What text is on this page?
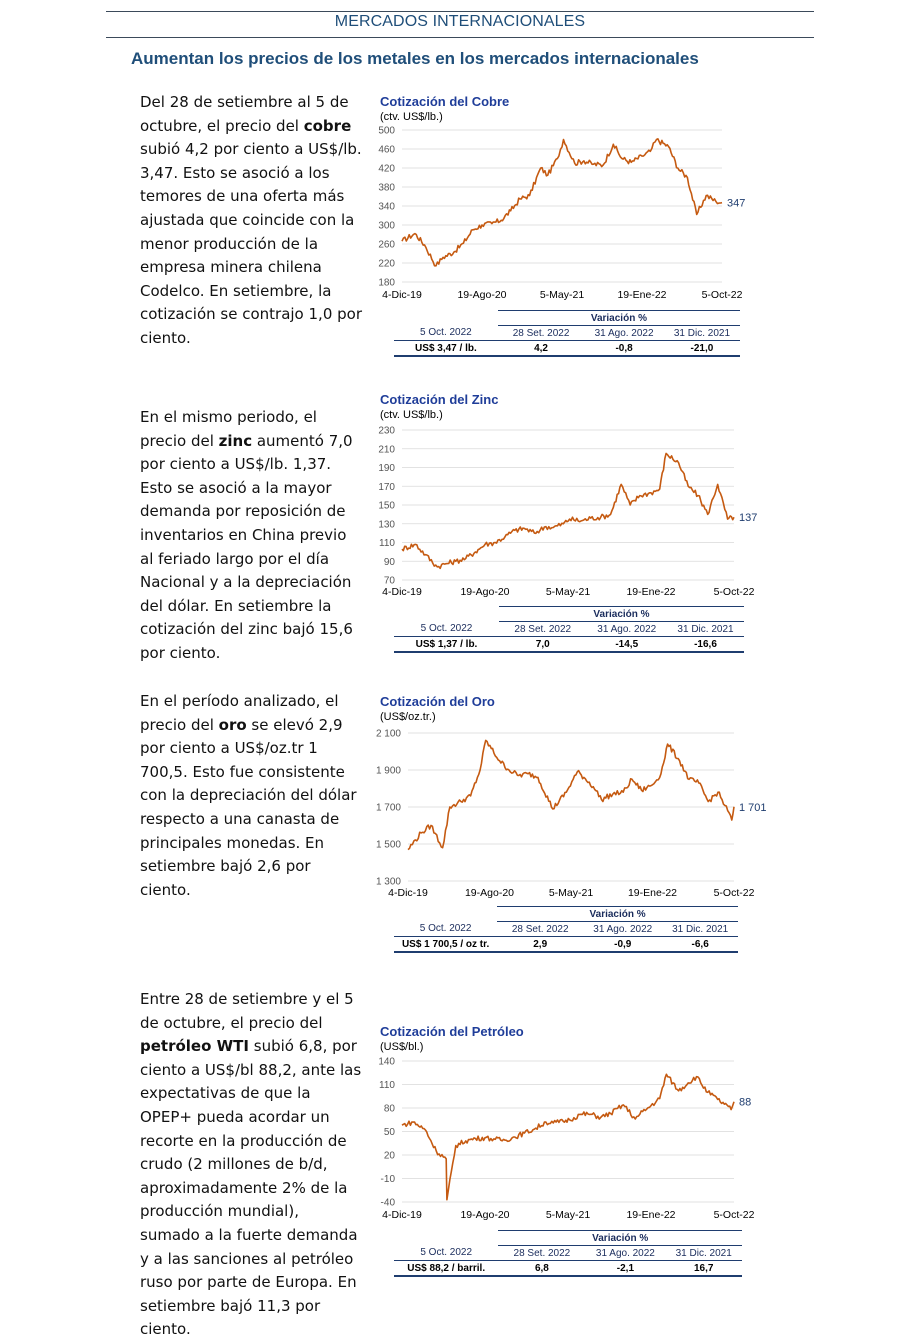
MERCADOS INTERNACIONALES
Aumentan los precios de los metales en los mercados internacionales
Del 28 de setiembre al 5 de octubre, el precio del cobre subió 4,2 por ciento a US$/lb. 3,47. Esto se asoció a los temores de una oferta más ajustada que coincide con la menor producción de la empresa minera chilena Codelco. En setiembre, la cotización se contrajo 1,0 por ciento.
Cotización del Cobre
(ctv. US$/lb.)
180
220
260
300
340
380
420
460
500
4-Dic-19	19-Ago-20	5-May-21	19-Ene-22	5-Oct-22
347
	Variación %		
5 Oct. 2022	28 Set. 2022	31 Ago. 2022	31 Dic. 2021
US$ 3,47 / lb.	4,2	-0,8	-21,0
En el mismo periodo, el precio del zinc aumentó 7,0 por ciento a US$/lb. 1,37. Esto se asoció a la mayor demanda por reposición de inventarios en China previo al feriado largo por el día Nacional y a la depreciación del dólar. En setiembre la cotización del zinc bajó 15,6 por ciento.
Cotización del Zinc
(ctv. US$/lb.)
70
90
110
130
150
170
190
210
230
4-Dic-19	19-Ago-20	5-May-21	19-Ene-22	5-Oct-22
137
	Variación %		
5 Oct. 2022	28 Set. 2022	31 Ago. 2022	31 Dic. 2021
US$ 1,37 / lb.	7,0	-14,5	-16,6
En el período analizado, el precio del oro se elevó 2,9 por ciento a US$/oz.tr 1 700,5. Esto fue consistente con la depreciación del dólar respecto a una canasta de principales monedas. En setiembre bajó 2,6 por ciento.
Cotización del Oro
(US$/oz.tr.)
1 300
1 500
1 700
1 900
2 100
4-Dic-19	19-Ago-20	5-May-21	19-Ene-22	5-Oct-22
1 701
	Variación %		
5 Oct. 2022	28 Set. 2022	31 Ago. 2022	31 Dic. 2021
US$ 1 700,5 / oz tr.	2,9	-0,9	-6,6
Entre 28 de setiembre y el 5 de octubre, el precio del petróleo WTI subió 6,8, por ciento a US$/bl 88,2, ante las expectativas de que la OPEP+ pueda acordar un recorte en la producción de crudo (2 millones de b/d, aproximadamente 2% de la producción mundial), sumado a la fuerte demanda y a las sanciones al petróleo ruso por parte de Europa. En setiembre bajó 11,3 por ciento.
Cotización del Petróleo
(US$/bl.)
-40
-10
20
50
80
110
140
4-Dic-19	19-Ago-20	5-May-21	19-Ene-22	5-Oct-22
88
	Variación %		
5 Oct. 2022	28 Set. 2022	31 Ago. 2022	31 Dic. 2021
US$ 88,2 / barril.	6,8	-2,1	16,7
